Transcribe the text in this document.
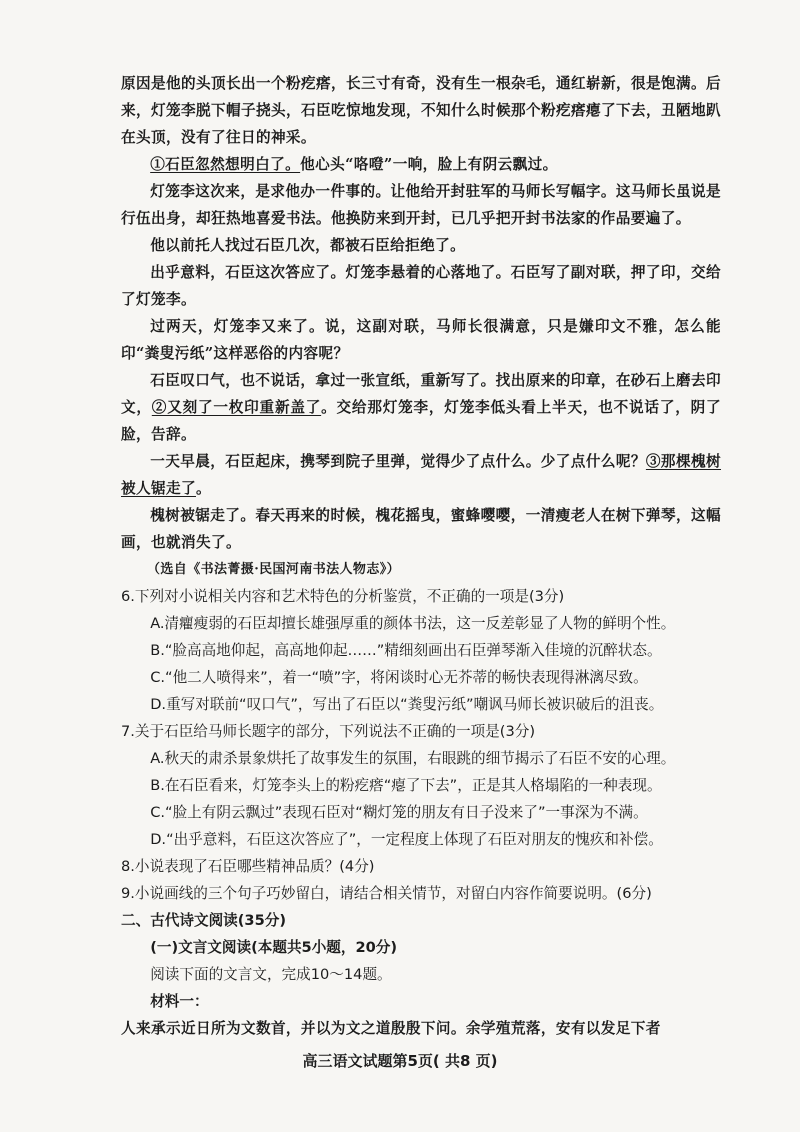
原因是他的头顶长出一个粉疙瘩，长三寸有奇，没有生一根杂毛，通红崭新，很是饱满。后来，灯笼李脱下帽子挠头，石臣吃惊地发现，不知什么时候那个粉疙瘩瘪了下去，丑陋地趴在头顶，没有了往日的神采。

①石臣忽然想明白了。他心头“咯噔”一响，脸上有阴云飘过。

灯笼李这次来，是求他办一件事的。让他给开封驻军的马师长写幅字。这马师长虽说是行伍出身，却狂热地喜爱书法。他换防来到开封，已几乎把开封书法家的作品要遍了。

他以前托人找过石臣几次，都被石臣给拒绝了。

出乎意料，石臣这次答应了。灯笼李悬着的心落地了。石臣写了副对联，押了印，交给了灯笼李。

过两天，灯笼李又来了。说，这副对联，马师长很满意，只是嫌印文不雅，怎么能印“粪叟污纸”这样恶俗的内容呢？

石臣叹口气，也不说话，拿过一张宣纸，重新写了。找出原来的印章，在砂石上磨去印文，②又刻了一枚印重新盖了。交给那灯笼李，灯笼李低头看上半天，也不说话了，阴了脸，告辞。

一天早晨，石臣起床，携琴到院子里弹，觉得少了点什么。少了点什么呢？③那棵槐树被人锯走了。

槐树被锯走了。春天再来的时候，槐花摇曳，蜜蜂嘤嘤，一清瘦老人在树下弹琴，这幅画，也就消失了。

（选自《书法菁摄·民国河南书法人物志》）

6.下列对小说相关内容和艺术特色的分析鉴赏，不正确的一项是(3分)

A.清癯瘦弱的石臣却擅长雄强厚重的颜体书法，这一反差彰显了人物的鲜明个性。

B.“脸高高地仰起，高高地仰起……”精细刻画出石臣弹琴渐入佳境的沉醉状态。

C.“他二人喷得来”，着一“喷”字，将闲谈时心无芥蒂的畅快表现得淋漓尽致。

D.重写对联前“叹口气”，写出了石臣以“粪叟污纸”嘲讽马师长被识破后的沮丧。

7.关于石臣给马师长题字的部分，下列说法不正确的一项是(3分)

A.秋天的肃杀景象烘托了故事发生的氛围，右眼跳的细节揭示了石臣不安的心理。

B.在石臣看来，灯笼李头上的粉疙瘩“瘪了下去”，正是其人格塌陷的一种表现。

C.“脸上有阴云飘过”表现石臣对“糊灯笼的朋友有日子没来了”一事深为不满。

D.“出乎意料，石臣这次答应了”，一定程度上体现了石臣对朋友的愧疚和补偿。

8.小说表现了石臣哪些精神品质？(4分)

9.小说画线的三个句子巧妙留白，请结合相关情节，对留白内容作简要说明。(6分)

二、古代诗文阅读(35分)

(一)文言文阅读(本题共5小题，20分)

阅读下面的文言文，完成10～14题。

材料一：

人来承示近日所为文数首，并以为文之道殷殷下问。余学殖荒落，安有以发足下者

高三语文试题第5页( 共8 页)
